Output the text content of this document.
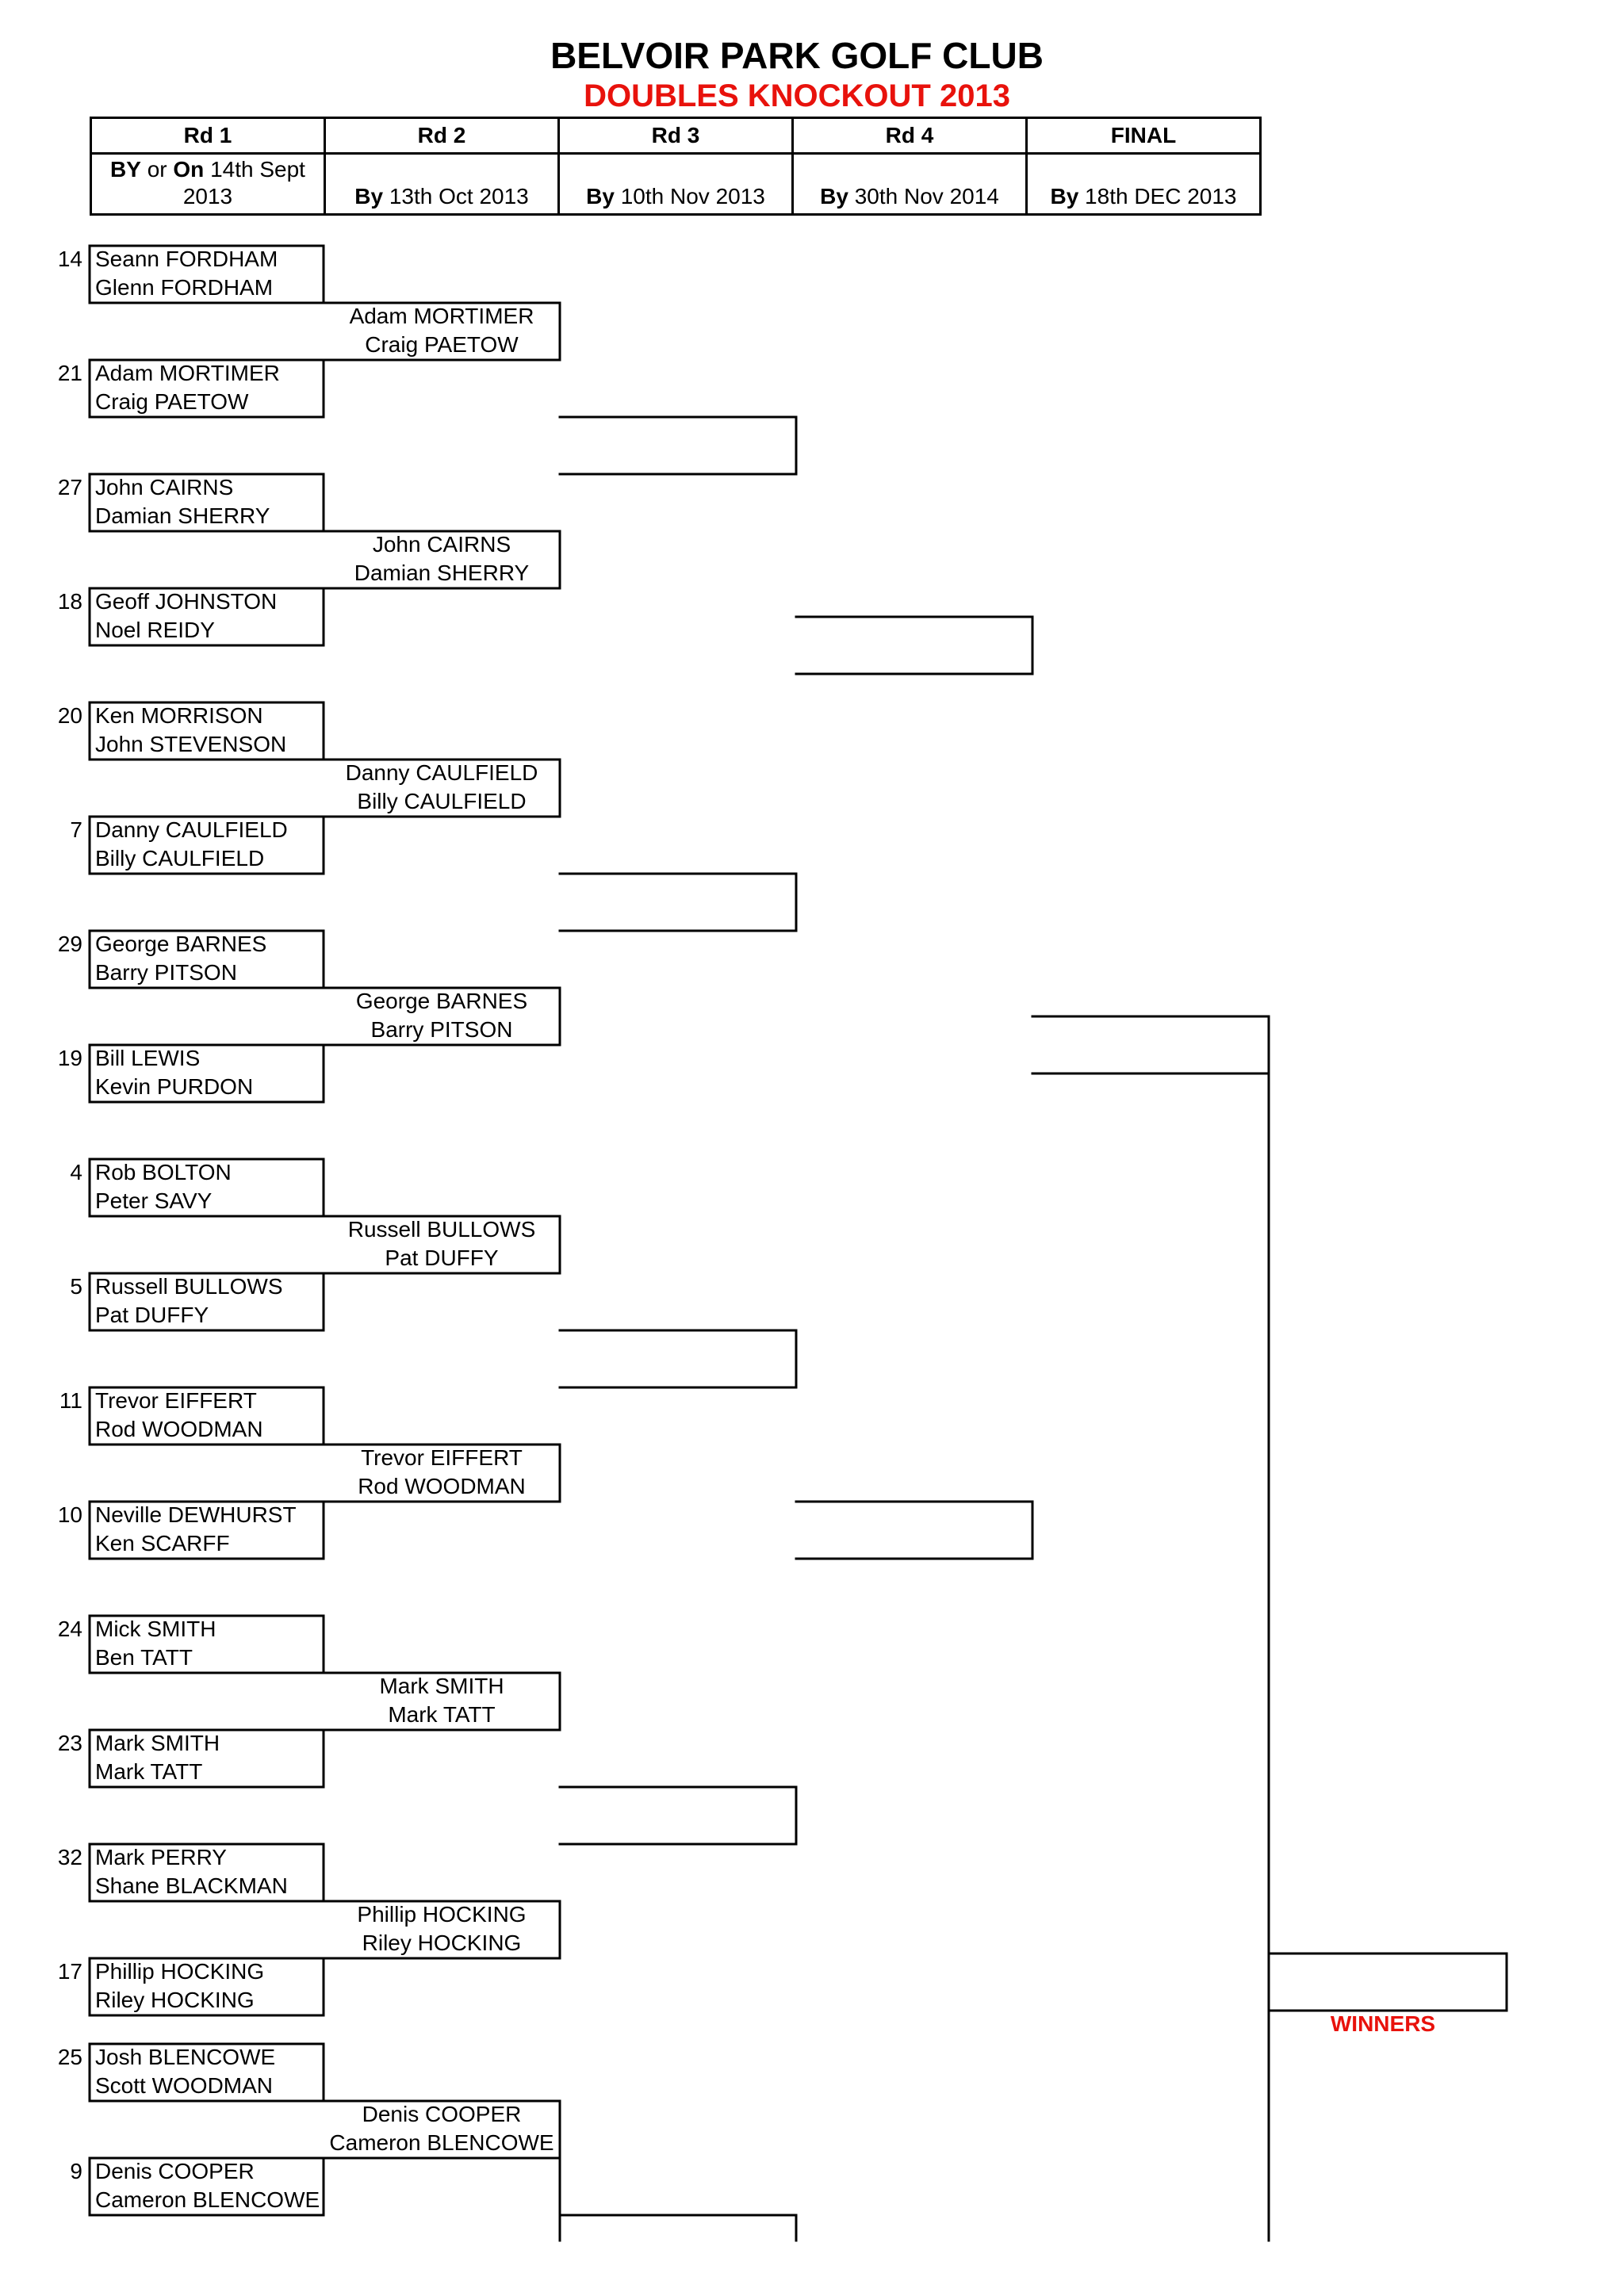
BELVOIR PARK GOLF CLUB
DOUBLES KNOCKOUT 2013
Rd 1	Rd 2	Rd 3	Rd 4	FINAL
BY or On 14th Sept 2013	By 13th Oct 2013	By 10th Nov 2013	By 30th Nov 2014	By 18th DEC 2013
14 Seann FORDHAM
Glenn FORDHAM
21 Adam MORTIMER
Craig PAETOW
27 John CAIRNS
Damian SHERRY
18 Geoff JOHNSTON
Noel REIDY
20 Ken MORRISON
John STEVENSON
7 Danny CAULFIELD
Billy CAULFIELD
29 George BARNES
Barry PITSON
19 Bill LEWIS
Kevin PURDON
4 Rob BOLTON
Peter SAVY
5 Russell BULLOWS
Pat DUFFY
11 Trevor EIFFERT
Rod WOODMAN
10 Neville DEWHURST
Ken SCARFF
24 Mick SMITH
Ben TATT
23 Mark SMITH
Mark TATT
32 Mark PERRY
Shane BLACKMAN
17 Phillip HOCKING
Riley HOCKING
25 Josh BLENCOWE
Scott WOODMAN
9 Denis COOPER
Cameron BLENCOWE
Adam MORTIMER
Craig PAETOW
John CAIRNS
Damian SHERRY
Danny CAULFIELD
Billy CAULFIELD
George BARNES
Barry PITSON
Russell BULLOWS
Pat DUFFY
Trevor EIFFERT
Rod WOODMAN
Mark SMITH
Mark TATT
Phillip HOCKING
Riley HOCKING
Denis COOPER
Cameron BLENCOWE
WINNERS
